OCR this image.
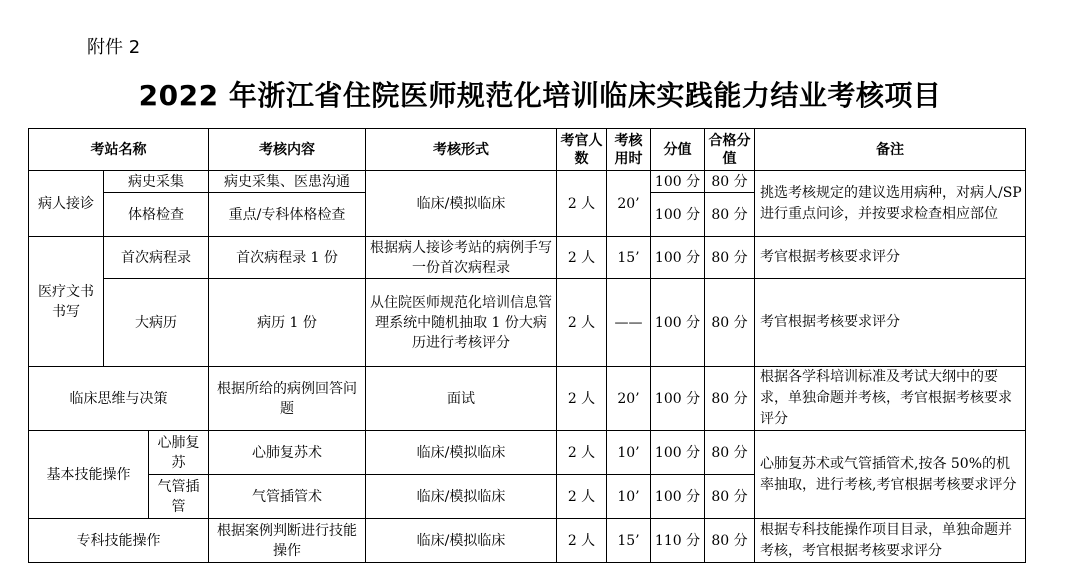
附件 2
2022 年浙江省住院医师规范化培训临床实践能力结业考核项目
考站名称			考核内容	考核形式	考官人数	考核用时	分值	合格分值	备注
病人接诊	病史采集		病史采集、医患沟通	临床/模拟临床	2 人	20’	100 分	80 分	挑选考核规定的建议选用病种，对病人/SP 进行重点问诊，并按要求检查相应部位
	体格检查		重点/专科体格检查				100 分	80 分	
医疗文书书写	首次病程录		首次病程录 1 份	根据病人接诊考站的病例手写一份首次病程录	2 人	15’	100 分	80 分	考官根据考核要求评分
	大病历		病历 1 份	从住院医师规范化培训信息管理系统中随机抽取 1 份大病历进行考核评分	2 人	——	100 分	80 分	考官根据考核要求评分
临床思维与决策			根据所给的病例回答问题	面试	2 人	20’	100 分	80 分	根据各学科培训标准及考试大纲中的要求，单独命题并考核，考官根据考核要求评分
基本技能操作		心肺复苏	心肺复苏术	临床/模拟临床	2 人	10’	100 分	80 分	心肺复苏术或气管插管术,按各 50%的机率抽取，进行考核,考官根据考核要求评分
		气管插管	气管插管术	临床/模拟临床	2 人	10’	100 分	80 分	
专科技能操作			根据案例判断进行技能操作	临床/模拟临床	2 人	15’	110 分	80 分	根据专科技能操作项目目录，单独命题并考核，考官根据考核要求评分
